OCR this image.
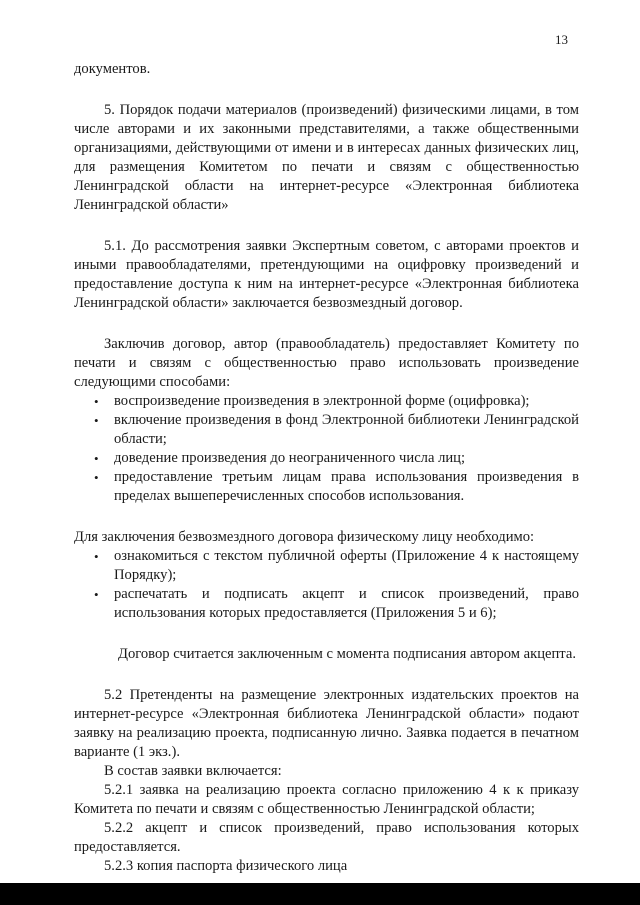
13

документов.

5. Порядок подачи материалов (произведений) физическими лицами, в том числе авторами и их законными представителями, а также общественными организациями, действующими от имени и в интересах данных физических лиц, для размещения Комитетом по печати и связям с общественностью Ленинградской области на интернет-ресурсе «Электронная библиотека Ленинградской области»

5.1. До рассмотрения заявки Экспертным советом, с авторами проектов и иными правообладателями, претендующими на оцифровку произведений и предоставление доступа к ним на интернет-ресурсе «Электронная библиотека Ленинградской области» заключается безвозмездный договор.

Заключив договор, автор (правообладатель) предоставляет Комитету по печати и связям с общественностью право использовать произведение следующими способами:

• воспроизведение произведения в электронной форме (оцифровка);
• включение произведения в фонд Электронной библиотеки Ленинградской области;
• доведение произведения до неограниченного числа лиц;
• предоставление третьим лицам права использования произведения в пределах вышеперечисленных способов использования.

Для заключения безвозмездного договора физическому лицу необходимо:

• ознакомиться с текстом публичной оферты (Приложение 4 к настоящему Порядку);
• распечатать и подписать акцепт и список произведений, право использования которых предоставляется (Приложения 5 и 6);

Договор считается заключенным с момента подписания автором акцепта.

5.2 Претенденты на размещение электронных издательских проектов на интернет-ресурсе «Электронная библиотека Ленинградской области» подают заявку на реализацию проекта, подписанную лично. Заявка подается в печатном варианте (1 экз.).

В состав заявки включается:

5.2.1 заявка на реализацию проекта согласно приложению 4 к к приказу Комитета по печати и связям с общественностью Ленинградской области;

5.2.2 акцепт и список произведений, право использования которых предоставляется.

5.2.3 копия паспорта физического лица
